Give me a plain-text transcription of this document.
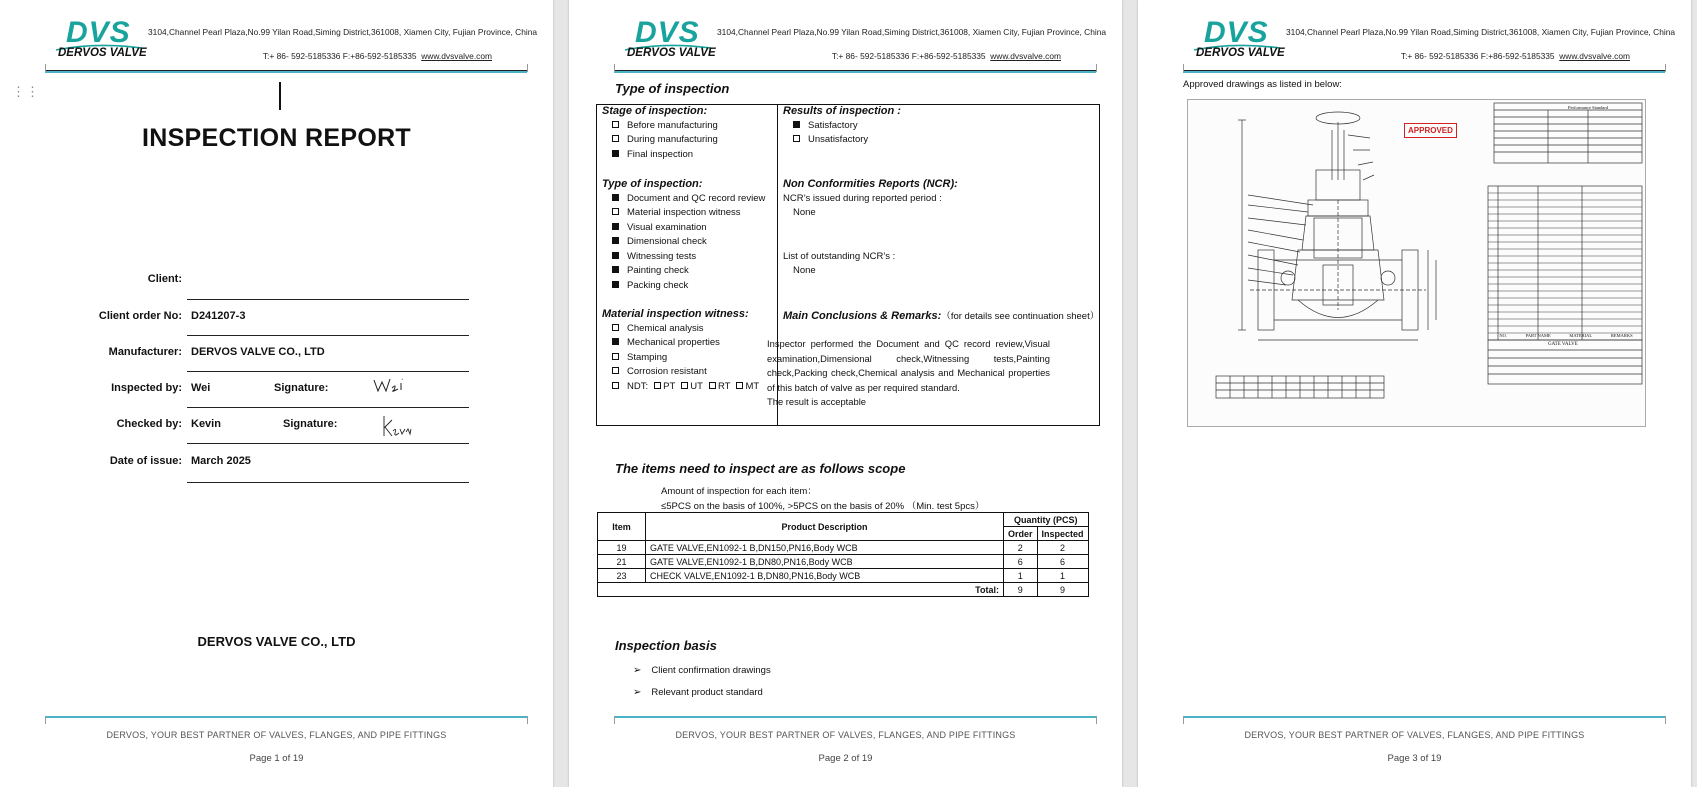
DVS
DERVOS VALVE
3104,Channel Pearl Plaza,No.99 Yilan Road,Siming District,361008, Xiamen City, Fujian Province, China
T:+ 86- 592-5185336 F:+86-592-5185335 www.dvsvalve.com
⋮⋮
INSPECTION REPORT
Client:
Client order No: D241207-3
Manufacturer: DERVOS VALVE CO., LTD
Inspected by: Wei	Signature:
Checked by: Kevin	Signature:
Date of issue: March 2025
DERVOS VALVE CO., LTD
DERVOS, YOUR BEST PARTNER OF VALVES, FLANGES, AND PIPE FITTINGS
Page 1 of 19
DVS
DERVOS VALVE
3104,Channel Pearl Plaza,No.99 Yilan Road,Siming District,361008, Xiamen City, Fujian Province, China
T:+ 86- 592-5185336 F:+86-592-5185335 www.dvsvalve.com
Type of inspection
Stage of inspection:
Before manufacturing
During manufacturing
Final inspection
Type of inspection:
Document and QC record review
Material inspection witness
Visual examination
Dimensional check
Witnessing tests
Painting check
Packing check
Material inspection witness:
Chemical analysis
Mechanical properties
Stamping
Corrosion resistant
NDT: PT UT RT MT
Results of inspection :
Satisfactory
Unsatisfactory
Non Conformities Reports (NCR):
NCR’s issued during reported period :
None
List of outstanding NCR’s :
None
Main Conclusions & Remarks:（for details see continuation sheet）

Inspector performed the Document and QC record review,Visual examination,Dimensional check,Witnessing tests,Painting check,Packing check,Chemical analysis and Mechanical properties of this batch of valve as per required standard.

The result is acceptable

The items need to inspect are as follows scope
Amount of inspection for each item：
≤5PCS on the basis of 100%, >5PCS on the basis of 20% （Min. test 5pcs）
Item	Product Description	Quantity (PCS)	
		Order	Inspected
19	GATE VALVE,EN1092-1 B,DN150,PN16,Body WCB	2	2
21	GATE VALVE,EN1092-1 B,DN80,PN16,Body WCB	6	6
23	CHECK VALVE,EN1092-1 B,DN80,PN16,Body WCB	1	1
Total:		9	9
Inspection basis
➢ Client confirmation drawings
➢ Relevant product standard
DERVOS, YOUR BEST PARTNER OF VALVES, FLANGES, AND PIPE FITTINGS
Page 2 of 19
DVS
DERVOS VALVE
3104,Channel Pearl Plaza,No.99 Yilan Road,Siming District,361008, Xiamen City, Fujian Province, China
T:+ 86- 592-5185336 F:+86-592-5185335 www.dvsvalve.com
Approved drawings as listed in below:
Performance Standard
NO.	PART NAME	MATERIAL	REMARKS
GATE VALVE
APPROVED
DERVOS, YOUR BEST PARTNER OF VALVES, FLANGES, AND PIPE FITTINGS
Page 3 of 19
